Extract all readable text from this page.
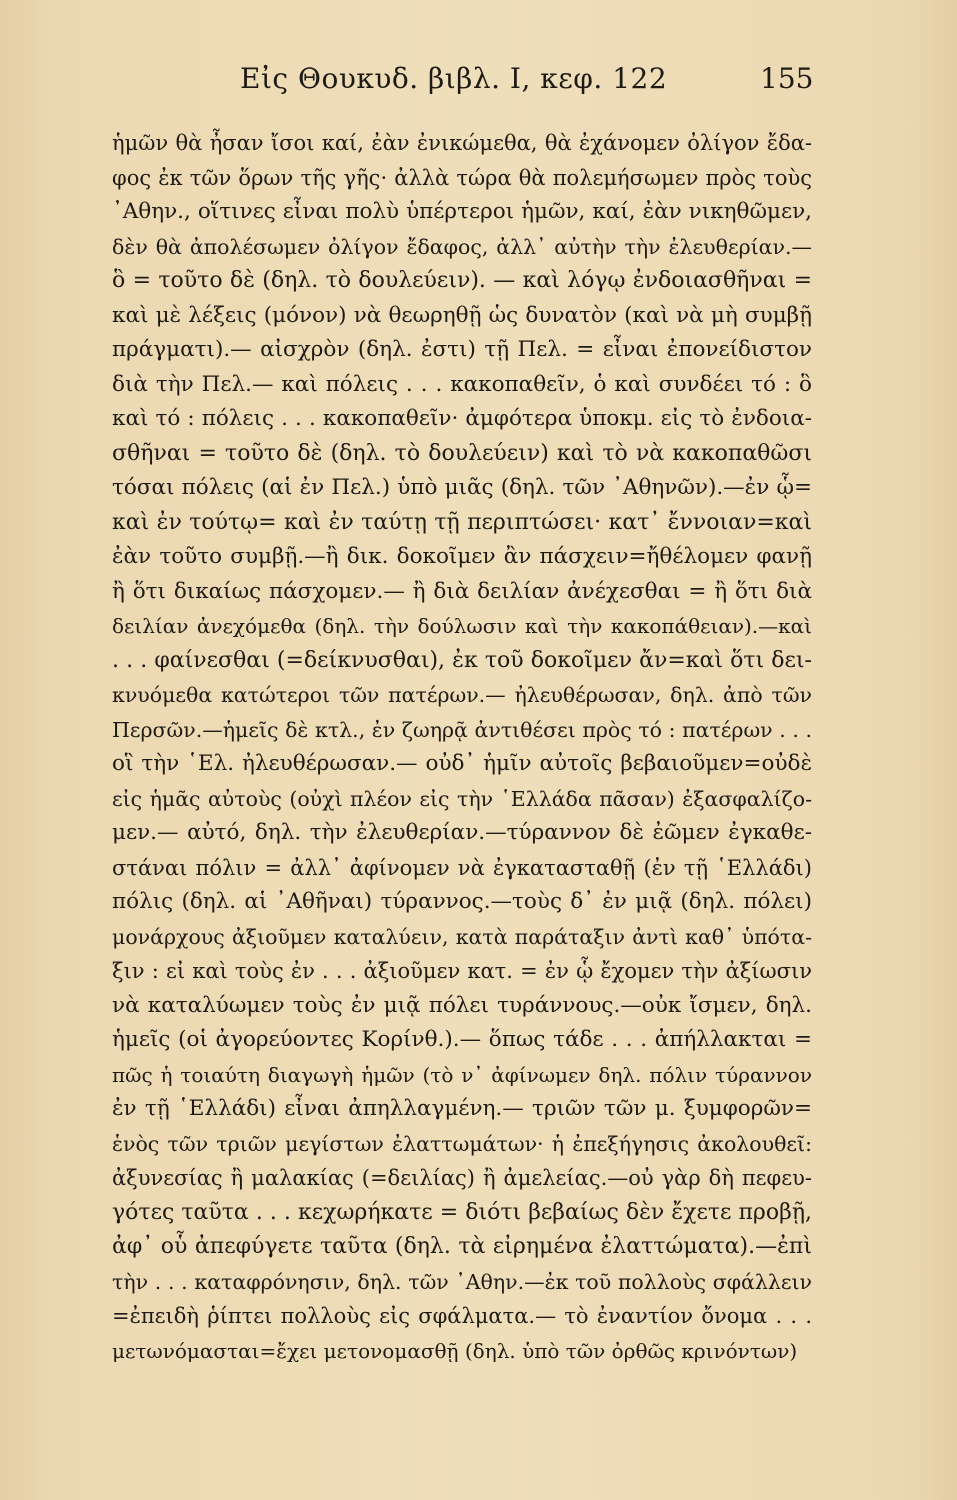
Εἰς Θουκυδ. βιβλ. Ι, κεφ. 122	155
ἡμῶν θὰ ἦσαν ἴσοι καί, ἐὰν ἐνικώμεθα, θὰ ἐχάνομεν ὀλίγον ἔδα-
φος ἐκ τῶν ὅρων τῆς γῆς· ἀλλὰ τώρα θὰ πολεμήσωμεν πρὸς τοὺς
᾿Αθην., οἵτινες εἶναι πολὺ ὑπέρτεροι ἡμῶν, καί, ἐὰν νικηθῶμεν,
δὲν θὰ ἀπολέσωμεν ὀλίγον ἔδαφος, ἀλλ᾿ αὐτὴν τὴν ἐλευθερίαν.—
ὃ = τοῦτο δὲ (δηλ. τὸ δουλεύειν). — καὶ λόγῳ ἐνδοιασθῆναι =
καὶ μὲ λέξεις (μόνον) νὰ θεωρηθῇ ὡς δυνατὸν (καὶ νὰ μὴ συμβῇ
πράγματι).— αἰσχρὸν (δηλ. ἐστι) τῇ Πελ. = εἶναι ἐπονείδιστον
διὰ τὴν Πελ.— καὶ πόλεις . . . κακοπαθεῖν, ὁ καὶ συνδέει τό : ὃ
καὶ τό : πόλεις . . . κακοπαθεῖν· ἀμφότερα ὑποκμ. εἰς τὸ ἐνδοια-
σθῆναι = τοῦτο δὲ (δηλ. τὸ δουλεύειν) καὶ τὸ νὰ κακοπαθῶσι
τόσαι πόλεις (αἱ ἐν Πελ.) ὑπὸ μιᾶς (δηλ. τῶν ᾿Αθηνῶν).—ἐν ᾧ=
καὶ ἐν τούτῳ= καὶ ἐν ταύτῃ τῇ περιπτώσει· κατ᾿ ἔννοιαν=καὶ
ἐὰν τοῦτο συμβῇ.—ἢ δικ. δοκοῖμεν ἂν πάσχειν=ἤθέλομεν φανῇ
ἢ ὅτι δικαίως πάσχομεν.— ἢ διὰ δειλίαν ἀνέχεσθαι = ἢ ὅτι διὰ
δειλίαν ἀνεχόμεθα (δηλ. τὴν δούλωσιν καὶ τὴν κακοπάθειαν).—καὶ
. . . φαίνεσθαι (=δείκνυσθαι), ἐκ τοῦ δοκοῖμεν ἄν=καὶ ὅτι δει-
κνυόμεθα κατώτεροι τῶν πατέρων.— ἠλευθέρωσαν, δηλ. ἀπὸ τῶν
Περσῶν.—ἡμεῖς δὲ κτλ., ἐν ζωηρᾷ ἀντιθέσει πρὸς τό : πατέρων . . .
οἳ τὴν ῾Ελ. ἠλευθέρωσαν.— οὐδ᾿ ἡμῖν αὐτοῖς βεβαιοῦμεν=οὐδὲ
εἰς ἡμᾶς αὐτοὺς (οὐχὶ πλέον εἰς τὴν ῾Ελλάδα πᾶσαν) ἐξασφαλίζο-
μεν.— αὐτό, δηλ. τὴν ἐλευθερίαν.—τύραννον δὲ ἐῶμεν ἐγκαθε-
στάναι πόλιν = ἀλλ᾿ ἀφίνομεν νὰ ἐγκατασταθῇ (ἐν τῇ ῾Ελλάδι)
πόλις (δηλ. αἱ ᾿Αθῆναι) τύραννος.—τοὺς δ᾿ ἐν μιᾷ (δηλ. πόλει)
μονάρχους ἀξιοῦμεν καταλύειν, κατὰ παράταξιν ἀντὶ καθ᾿ ὑπότα-
ξιν : εἰ καὶ τοὺς ἐν . . . ἀξιοῦμεν κατ. = ἐν ᾧ ἔχομεν τὴν ἀξίωσιν
νὰ καταλύωμεν τοὺς ἐν μιᾷ πόλει τυράννους.—οὐκ ἴσμεν, δηλ.
ἡμεῖς (οἱ ἀγορεύοντες Κορίνθ.).— ὅπως τάδε . . . ἀπήλλακται =
πῶς ἡ τοιαύτη διαγωγὴ ἡμῶν (τὸ ν᾿ ἀφίνωμεν δηλ. πόλιν τύραννον
ἐν τῇ ῾Ελλάδι) εἶναι ἀπηλλαγμένη.— τριῶν τῶν μ. ξυμφορῶν=
ἑνὸς τῶν τριῶν μεγίστων ἐλαττωμάτων· ἡ ἐπεξήγησις ἀκολουθεῖ:
ἀξυνεσίας ἢ μαλακίας (=δειλίας) ἢ ἀμελείας.—οὐ γὰρ δὴ πεφευ-
γότες ταῦτα . . . κεχωρήκατε = διότι βεβαίως δὲν ἔχετε προβῇ,
ἀφ᾿ οὗ ἀπεφύγετε ταῦτα (δηλ. τὰ εἰρημένα ἐλαττώματα).—ἐπὶ
τὴν . . . καταφρόνησιν, δηλ. τῶν ᾿Αθην.—ἐκ τοῦ πολλοὺς σφάλλειν
=ἐπειδὴ ῥίπτει πολλοὺς εἰς σφάλματα.— τὸ ἐναντίον ὄνομα . . .
μετωνόμασται=ἔχει μετονομασθῇ (δηλ. ὑπὸ τῶν ὀρθῶς κρινόντων)
